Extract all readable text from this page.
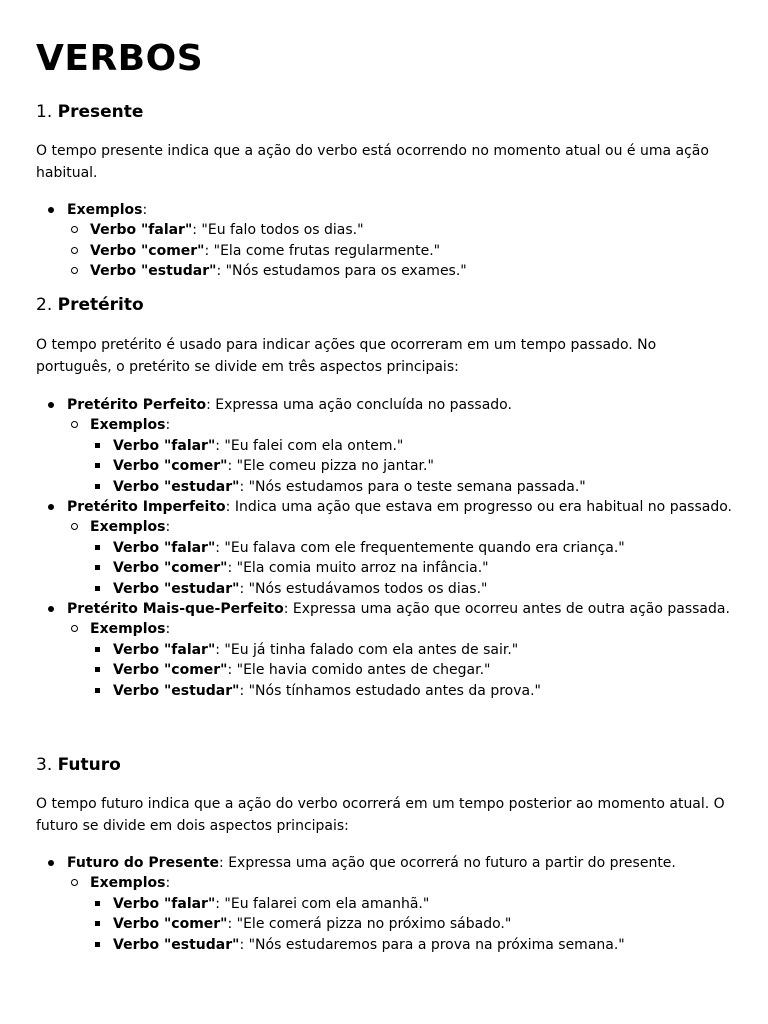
VERBOS
1. Presente

O tempo presente indica que a ação do verbo está ocorrendo no momento atual ou é uma ação habitual.

Exemplos:
Verbo "falar": "Eu falo todos os dias."
Verbo "comer": "Ela come frutas regularmente."
Verbo "estudar": "Nós estudamos para os exames."
2. Pretérito

O tempo pretérito é usado para indicar ações que ocorreram em um tempo passado. No português, o pretérito se divide em três aspectos principais:

Pretérito Perfeito: Expressa uma ação concluída no passado.
Exemplos:
Verbo "falar": "Eu falei com ela ontem."
Verbo "comer": "Ele comeu pizza no jantar."
Verbo "estudar": "Nós estudamos para o teste semana passada."
Pretérito Imperfeito: Indica uma ação que estava em progresso ou era habitual no passado.
Exemplos:
Verbo "falar": "Eu falava com ele frequentemente quando era criança."
Verbo "comer": "Ela comia muito arroz na infância."
Verbo "estudar": "Nós estudávamos todos os dias."
Pretérito Mais-que-Perfeito: Expressa uma ação que ocorreu antes de outra ação passada.
Exemplos:
Verbo "falar": "Eu já tinha falado com ela antes de sair."
Verbo "comer": "Ele havia comido antes de chegar."
Verbo "estudar": "Nós tínhamos estudado antes da prova."
3. Futuro

O tempo futuro indica que a ação do verbo ocorrerá em um tempo posterior ao momento atual. O futuro se divide em dois aspectos principais:

Futuro do Presente: Expressa uma ação que ocorrerá no futuro a partir do presente.
Exemplos:
Verbo "falar": "Eu falarei com ela amanhã."
Verbo "comer": "Ele comerá pizza no próximo sábado."
Verbo "estudar": "Nós estudaremos para a prova na próxima semana."
